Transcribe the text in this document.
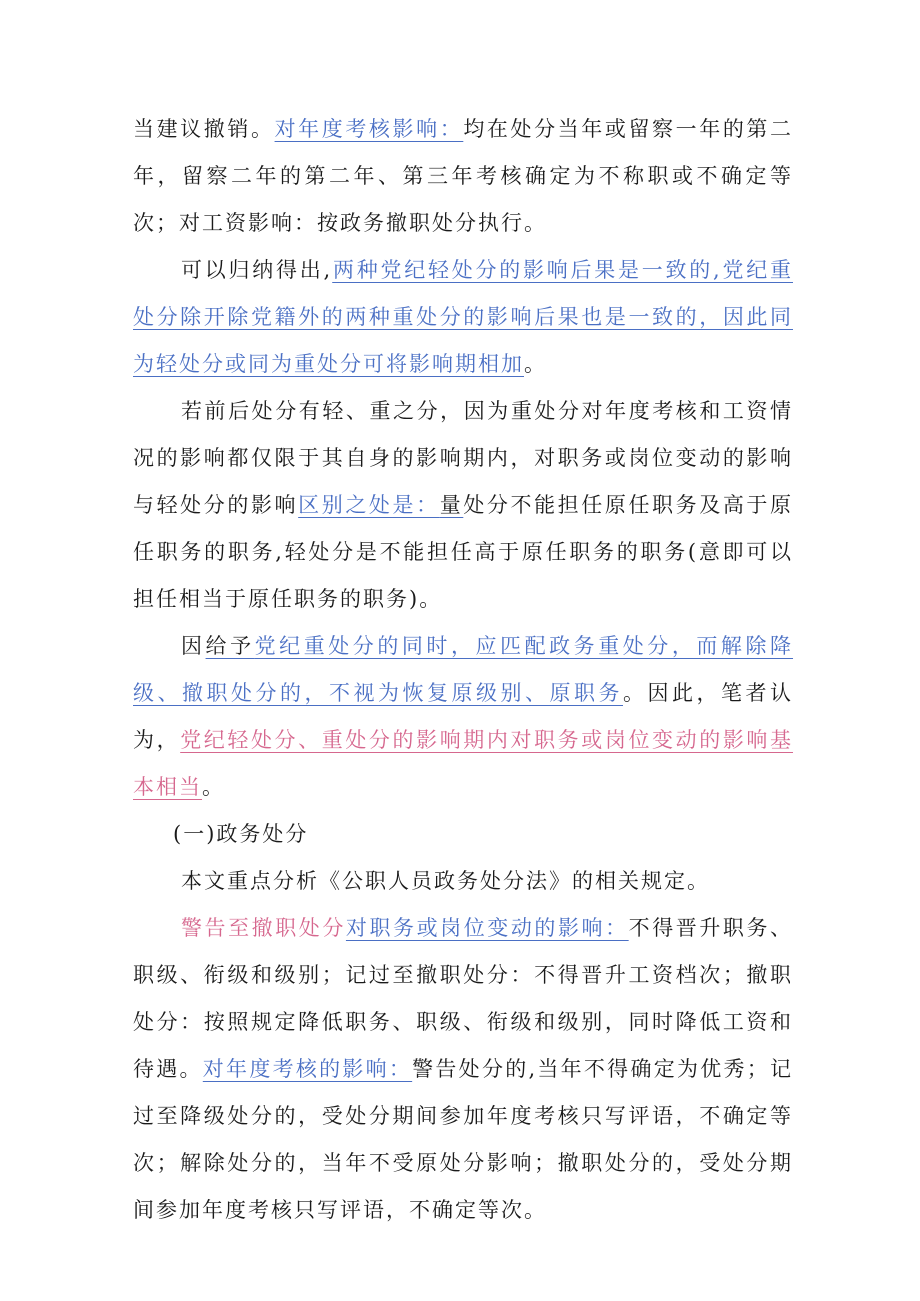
当建议撤销。对年度考核影响：均在处分当年或留察一年的第二年，留察二年的第二年、第三年考核确定为不称职或不确定等次；对工资影响：按政务撤职处分执行。

可以归纳得出,两种党纪轻处分的影响后果是一致的,党纪重处分除开除党籍外的两种重处分的影响后果也是一致的，因此同为轻处分或同为重处分可将影响期相加。

若前后处分有轻、重之分，因为重处分对年度考核和工资情况的影响都仅限于其自身的影响期内，对职务或岗位变动的影响与轻处分的影响区别之处是：量处分不能担任原任职务及高于原任职务的职务,轻处分是不能担任高于原任职务的职务(意即可以担任相当于原任职务的职务)。

因给予党纪重处分的同时，应匹配政务重处分，而解除降级、撤职处分的，不视为恢复原级别、原职务。因此，笔者认为，党纪轻处分、重处分的影响期内对职务或岗位变动的影响基本相当。

(一)政务处分

本文重点分析《公职人员政务处分法》的相关规定。

警告至撤职处分对职务或岗位变动的影响：不得晋升职务、职级、衔级和级别；记过至撤职处分：不得晋升工资档次；撤职处分：按照规定降低职务、职级、衔级和级别，同时降低工资和待遇。对年度考核的影响：警告处分的,当年不得确定为优秀；记过至降级处分的，受处分期间参加年度考核只写评语，不确定等次；解除处分的，当年不受原处分影响；撤职处分的，受处分期间参加年度考核只写评语，不确定等次。
